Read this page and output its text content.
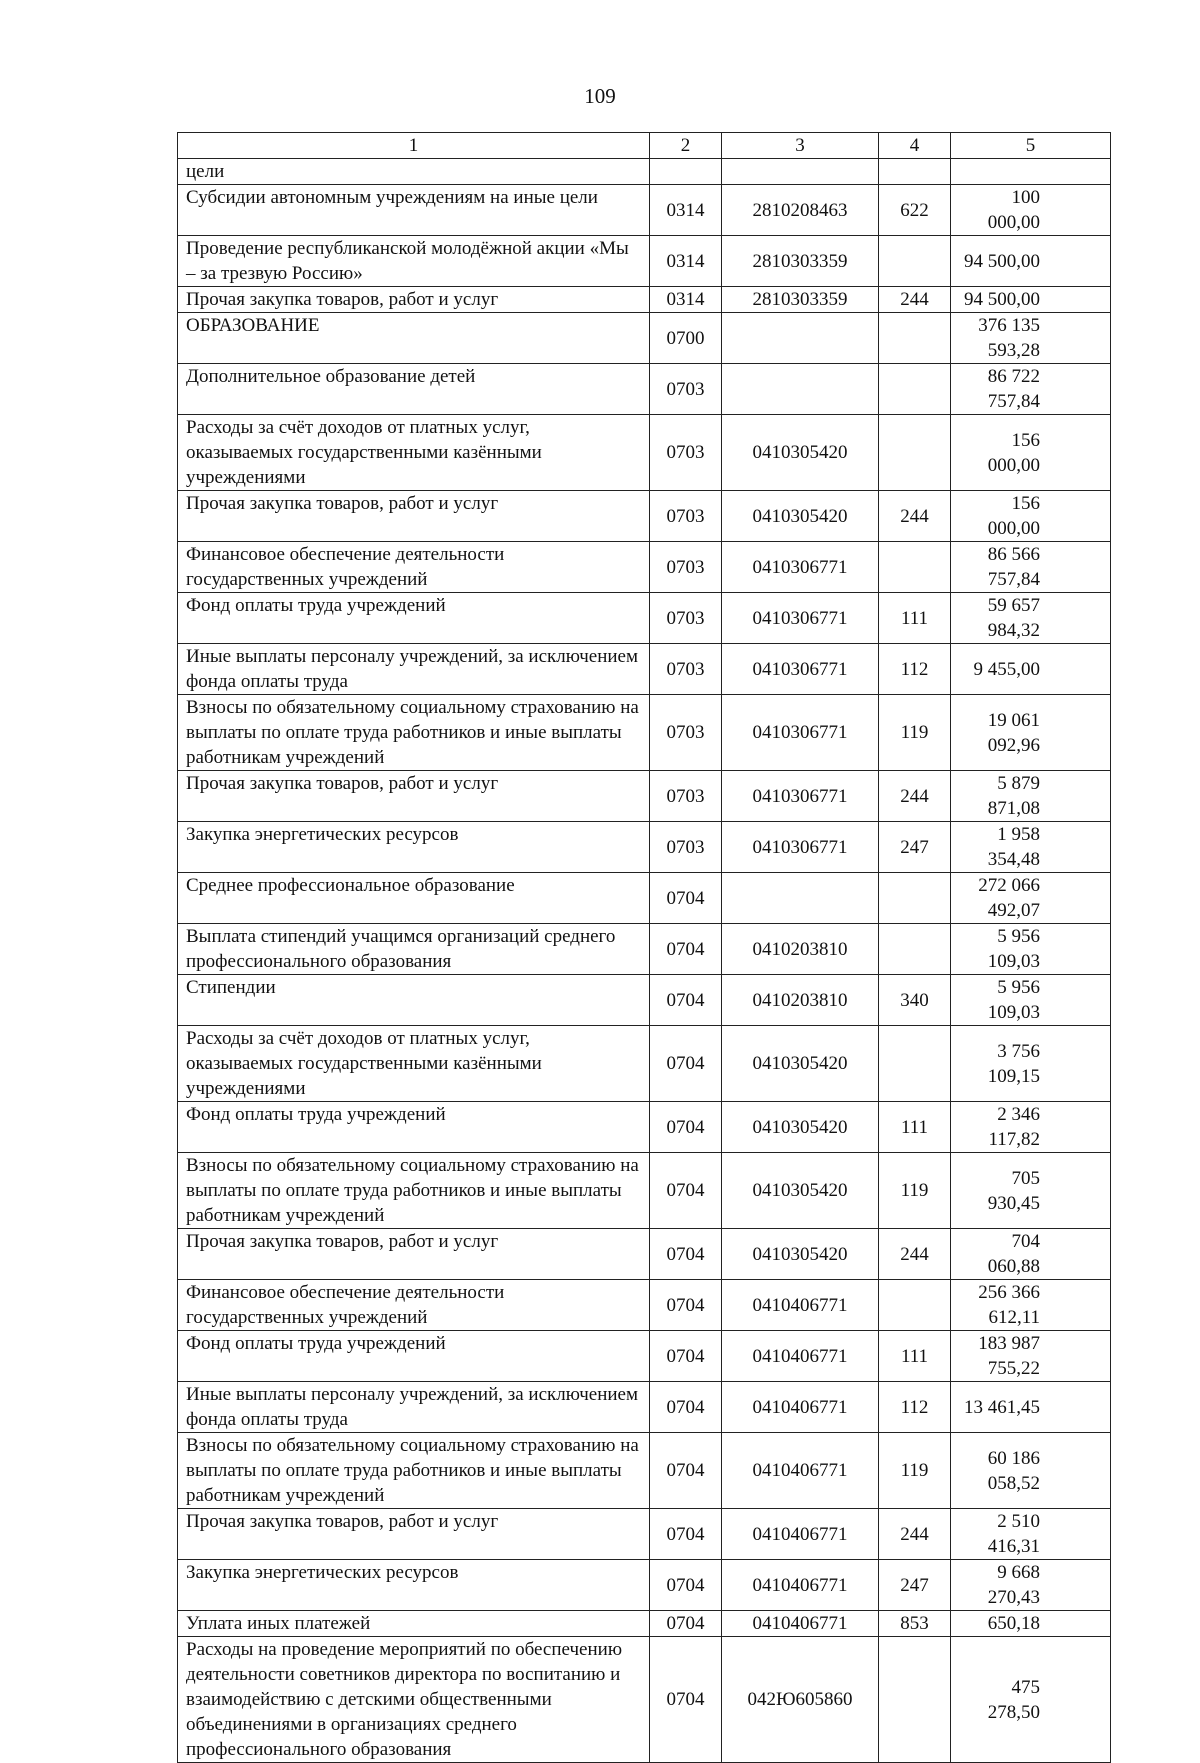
109
1	2	3	4	5
цели				
Субсидии автономным учреждениям на иные цели	0314	2810208463	622	100 000,00
Проведение республиканской молодёжной акции «Мы – за трезвую Россию»	0314	2810303359		94 500,00
Прочая закупка товаров, работ и услуг	0314	2810303359	244	94 500,00
ОБРАЗОВАНИЕ	0700			376 135 593,28
Дополнительное образование детей	0703			86 722 757,84
Расходы за счёт доходов от платных услуг, оказываемых государственными казёнными учреждениями	0703	0410305420		156 000,00
Прочая закупка товаров, работ и услуг	0703	0410305420	244	156 000,00
Финансовое обеспечение деятельности государственных учреждений	0703	0410306771		86 566 757,84
Фонд оплаты труда учреждений	0703	0410306771	111	59 657 984,32
Иные выплаты персоналу учреждений, за исключением фонда оплаты труда	0703	0410306771	112	9 455,00
Взносы по обязательному социальному страхованию на выплаты по оплате труда работников и иные выплаты работникам учреждений	0703	0410306771	119	19 061 092,96
Прочая закупка товаров, работ и услуг	0703	0410306771	244	5 879 871,08
Закупка энергетических ресурсов	0703	0410306771	247	1 958 354,48
Среднее профессиональное образование	0704			272 066 492,07
Выплата стипендий учащимся организаций среднего профессионального образования	0704	0410203810		5 956 109,03
Стипендии	0704	0410203810	340	5 956 109,03
Расходы за счёт доходов от платных услуг, оказываемых государственными казёнными учреждениями	0704	0410305420		3 756 109,15
Фонд оплаты труда учреждений	0704	0410305420	111	2 346 117,82
Взносы по обязательному социальному страхованию на выплаты по оплате труда работников и иные выплаты работникам учреждений	0704	0410305420	119	705 930,45
Прочая закупка товаров, работ и услуг	0704	0410305420	244	704 060,88
Финансовое обеспечение деятельности государственных учреждений	0704	0410406771		256 366 612,11
Фонд оплаты труда учреждений	0704	0410406771	111	183 987 755,22
Иные выплаты персоналу учреждений, за исключением фонда оплаты труда	0704	0410406771	112	13 461,45
Взносы по обязательному социальному страхованию на выплаты по оплате труда работников и иные выплаты работникам учреждений	0704	0410406771	119	60 186 058,52
Прочая закупка товаров, работ и услуг	0704	0410406771	244	2 510 416,31
Закупка энергетических ресурсов	0704	0410406771	247	9 668 270,43
Уплата иных платежей	0704	0410406771	853	650,18
Расходы на проведение мероприятий по обеспечению деятельности советников директора по воспитанию и взаимодействию с детскими общественными объединениями в организациях среднего профессионального образования	0704	042Ю605860		475 278,50
